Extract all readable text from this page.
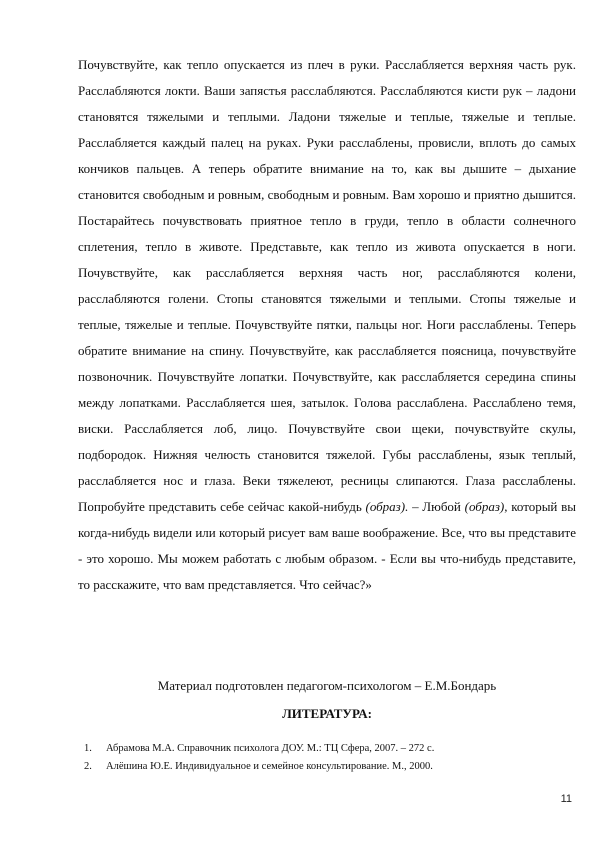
Почувствуйте, как тепло опускается из плеч в руки. Расслабляется верхняя часть рук. Расслабляются локти. Ваши запястья расслабляются. Расслабляются кисти рук – ладони становятся тяжелыми и теплыми. Ладони тяжелые и теплые, тяжелые и теплые. Расслабляется каждый палец на руках. Руки расслаблены, провисли, вплоть до самых кончиков пальцев. А теперь обратите внимание на то, как вы дышите – дыхание становится свободным и ровным, свободным и ровным. Вам хорошо и приятно дышится. Постарайтесь почувствовать приятное тепло в груди, тепло в области солнечного сплетения, тепло в животе. Представьте, как тепло из живота опускается в ноги. Почувствуйте, как расслабляется верхняя часть ног, расслабляются колени, расслабляются голени. Стопы становятся тяжелыми и теплыми. Стопы тяжелые и теплые, тяжелые и теплые. Почувствуйте пятки, пальцы ног. Ноги расслаблены. Теперь обратите внимание на спину. Почувствуйте, как расслабляется поясница, почувствуйте позвоночник. Почувствуйте лопатки. Почувствуйте, как расслабляется середина спины между лопатками. Расслабляется шея, затылок. Голова расслаблена. Расслаблено темя, виски. Расслабляется лоб, лицо. Почувствуйте свои щеки, почувствуйте скулы, подбородок. Нижняя челюсть становится тяжелой. Губы расслаблены, язык теплый, расслабляется нос и глаза. Веки тяжелеют, ресницы слипаются. Глаза расслаблены. Попробуйте представить себе сейчас какой-нибудь (образ). – Любой (образ), который вы когда-нибудь видели или который рисует вам ваше воображение. Все, что вы представите - это хорошо. Мы можем работать с любым образом. - Если вы что-нибудь представите, то расскажите, что вам представляется. Что сейчас?»

Материал подготовлен педагогом-психологом – Е.М.Бондарь

ЛИТЕРАТУРА:

1.	Абрамова М.А. Справочник психолога ДОУ. М.: ТЦ Сфера, 2007. – 272 с.
2.	Алёшина Ю.Е. Индивидуальное и семейное консультирование. М., 2000.
11
